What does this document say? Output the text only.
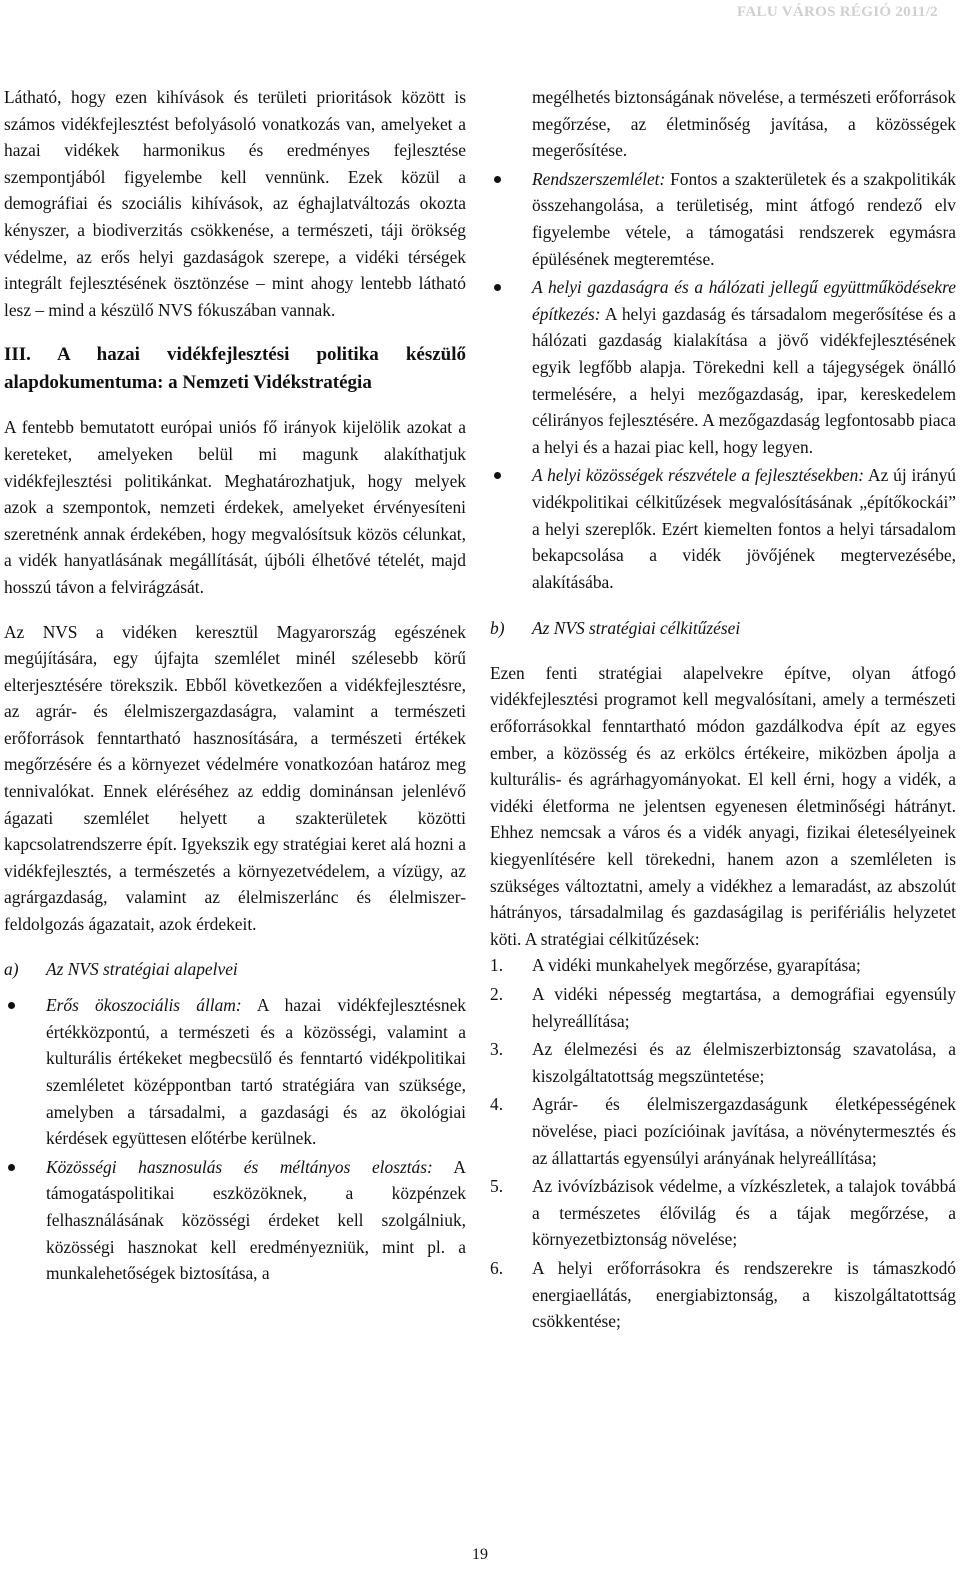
FALU VÁROS RÉGIÓ 2011/2

Látható, hogy ezen kihívások és területi prioritások között is számos vidékfejlesztést befolyásoló vonatkozás van, amelyeket a hazai vidékek harmonikus és eredményes fejlesztése szempontjából figyelembe kell vennünk. Ezek közül a demográfiai és szociális kihívások, az éghajlatváltozás okozta kényszer, a biodiverzitás csökkenése, a természeti, táji örökség védelme, az erős helyi gazdaságok szerepe, a vidéki térségek integrált fejlesztésének ösztönzése – mint ahogy lentebb látható lesz – mind a készülő NVS fókuszában vannak.

III. A hazai vidékfejlesztési politika készülő alapdokumentuma: a Nemzeti Vidékstratégia

A fentebb bemutatott európai uniós fő irányok kijelölik azokat a kereteket, amelyeken belül mi magunk alakíthatjuk vidékfejlesztési politikánkat. Meghatározhatjuk, hogy melyek azok a szempontok, nemzeti érdekek, amelyeket érvényesíteni szeretnénk annak érdekében, hogy megvalósítsuk közös célunkat, a vidék hanyatlásának megállítását, újbóli élhetővé tételét, majd hosszú távon a felvirágzását.

Az NVS a vidéken keresztül Magyarország egészének megújítására, egy újfajta szemlélet minél szélesebb körű elterjesztésére törekszik. Ebből következően a vidékfejlesztésre, az agrár- és élelmiszergazdaságra, valamint a természeti erőforrások fenntartható hasznosítására, a természeti értékek megőrzésére és a környezet védelmére vonatkozóan határoz meg tennivalókat. Ennek eléréséhez az eddig dominánsan jelenlévő ágazati szemlélet helyett a szakterületek közötti kapcsolatrendszerre épít. Igyekszik egy stratégiai keret alá hozni a vidékfejlesztés, a természetés a környezetvédelem, a vízügy, az agrárgazdaság, valamint az élelmiszerlánc és élelmiszer-feldolgozás ágazatait, azok érdekeit.

a) Az NVS stratégiai alapelvei
Erős ökoszociális állam: A hazai vidékfejlesztésnek értékközpontú, a természeti és a közösségi, valamint a kulturális értékeket megbecsülő és fenntartó vidékpolitikai szemléletet középpontban tartó stratégiára van szüksége, amelyben a társadalmi, a gazdasági és az ökológiai kérdések együttesen előtérbe kerülnek.
Közösségi hasznosulás és méltányos elosztás: A támogatáspolitikai eszközöknek, a közpénzek felhasználásának közösségi érdeket kell szolgálniuk, közösségi hasznokat kell eredményezniük, mint pl. a munkalehetőségek biztosítása, a
megélhetés biztonságának növelése, a természeti erőforrások megőrzése, az életminőség javítása, a közösségek megerősítése.
Rendszerszemlélet: Fontos a szakterületek és a szakpolitikák összehangolása, a területiség, mint átfogó rendező elv figyelembe vétele, a támogatási rendszerek egymásra épülésének megteremtése.
A helyi gazdaságra és a hálózati jellegű együttműködésekre építkezés: A helyi gazdaság és társadalom megerősítése és a hálózati gazdaság kialakítása a jövő vidékfejlesztésének egyik legfőbb alapja. Törekedni kell a tájegységek önálló termelésére, a helyi mezőgazdaság, ipar, kereskedelem célirányos fejlesztésére. A mezőgazdaság legfontosabb piaca a helyi és a hazai piac kell, hogy legyen.
A helyi közösségek részvétele a fejlesztésekben: Az új irányú vidékpolitikai célkitűzések megvalósításának „építőkockái” a helyi szereplők. Ezért kiemelten fontos a helyi társadalom bekapcsolása a vidék jövőjének megtervezésébe, alakításába.
b) Az NVS stratégiai célkitűzései

Ezen fenti stratégiai alapelvekre építve, olyan átfogó vidékfejlesztési programot kell megvalósítani, amely a természeti erőforrásokkal fenntartható módon gazdálkodva épít az egyes ember, a közösség és az erkölcs értékeire, miközben ápolja a kulturális- és agrárhagyományokat. El kell érni, hogy a vidék, a vidéki életforma ne jelentsen egyenesen életminőségi hátrányt. Ehhez nemcsak a város és a vidék anyagi, fizikai életesélyeinek kiegyenlítésére kell törekedni, hanem azon a szemléleten is szükséges változtatni, amely a vidékhez a lemaradást, az abszolút hátrányos, társadalmilag és gazdaságilag is perifériális helyzetet köti. A stratégiai célkitűzések:

1. A vidéki munkahelyek megőrzése, gyarapítása;
2. A vidéki népesség megtartása, a demográfiai egyensúly helyreállítása;
3. Az élelmezési és az élelmiszerbiztonság szavatolása, a kiszolgáltatottság megszüntetése;
4. Agrár- és élelmiszergazdaságunk életképességének növelése, piaci pozícióinak javítása, a növénytermesztés és az állattartás egyensúlyi arányának helyreállítása;
5. Az ivóvízbázisok védelme, a vízkészletek, a talajok továbbá a természetes élővilág és a tájak megőrzése, a környezetbiztonság növelése;
6. A helyi erőforrásokra és rendszerekre is támaszkodó energiaellátás, energiabiztonság, a kiszolgáltatottság csökkentése;
19
